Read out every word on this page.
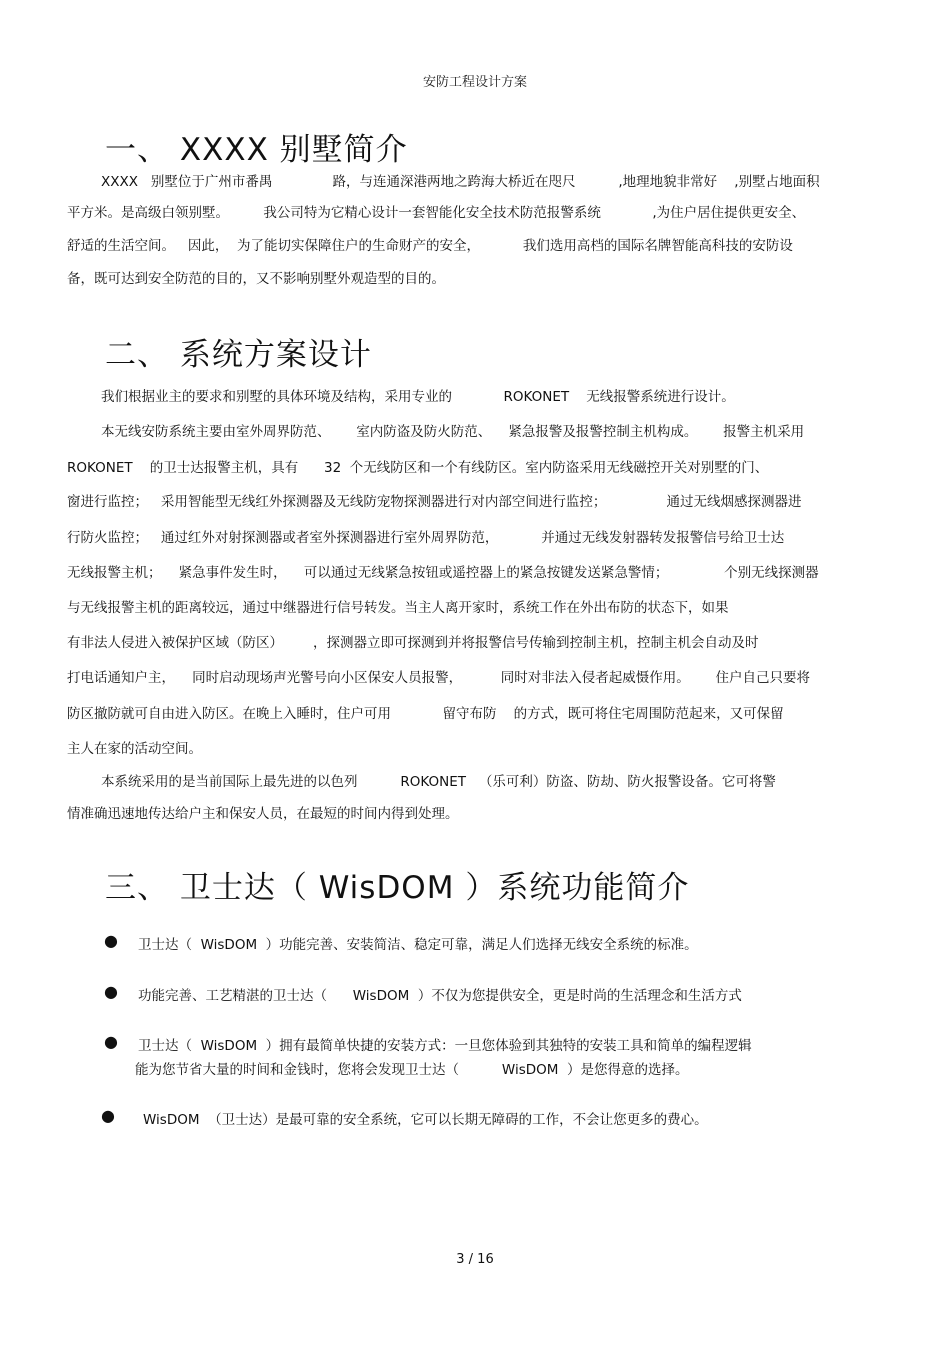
安防工程设计方案
一、 XXXX 别墅简介
XXXX   别墅位于广州市番禺              路，与连通深港两地之跨海大桥近在咫尺          ,地理地貌非常好    ,别墅占地面积
平方米。是高级白领别墅。        我公司特为它精心设计一套智能化安全技术防范报警系统            ,为住户居住提供更安全、
舒适的生活空间。   因此，  为了能切实保障住户的生命财产的安全，          我们选用高档的国际名牌智能高科技的安防设
备，既可达到安全防范的目的，又不影响别墅外观造型的目的。
二、 系统方案设计
我们根据业主的要求和别墅的具体环境及结构，采用专业的            ROKONET    无线报警系统进行设计。
本无线安防系统主要由室外周界防范、      室内防盗及防火防范、    紧急报警及报警控制主机构成。      报警主机采用
ROKONET    的卫士达报警主机，具有      32  个无线防区和一个有线防区。室内防盗采用无线磁控开关对别墅的门、
窗进行监控；   采用智能型无线红外探测器及无线防宠物探测器进行对内部空间进行监控；              通过无线烟感探测器进
行防火监控；   通过红外对射探测器或者室外探测器进行室外周界防范，          并通过无线发射器转发报警信号给卫士达
无线报警主机；    紧急事件发生时，    可以通过无线紧急按钮或遥控器上的紧急按键发送紧急警情；             个别无线探测器
与无线报警主机的距离较远，通过中继器进行信号转发。当主人离开家时，系统工作在外出布防的状态下，如果
有非法人侵进入被保护区域（防区）       ，探测器立即可探测到并将报警信号传输到控制主机，控制主机会自动及时
打电话通知户主，    同时启动现场声光警号向小区保安人员报警，         同时对非法入侵者起威慑作用。      住户自己只要将
防区撤防就可自由进入防区。在晚上入睡时，住户可用            留守布防    的方式，既可将住宅周围防范起来，又可保留
主人在家的活动空间。
本系统采用的是当前国际上最先进的以色列          ROKONET   （乐可利）防盗、防劫、防火报警设备。它可将警
情准确迅速地传达给户主和保安人员，在最短的时间内得到处理。
三、 卫士达（ WisDOM ）系统功能简介
● 卫士达（  WisDOM  ）功能完善、安装简洁、稳定可靠，满足人们选择无线安全系统的标准。
● 功能完善、工艺精湛的卫士达（      WisDOM  ）不仅为您提供安全，更是时尚的生活理念和生活方式
● 卫士达（  WisDOM  ）拥有最简单快捷的安装方式：一旦您体验到其独特的安装工具和简单的编程逻辑
能为您节省大量的时间和金钱时，您将会发现卫士达（          WisDOM  ）是您得意的选择。
● WisDOM  （卫士达）是最可靠的安全系统，它可以长期无障碍的工作，不会让您更多的费心。
3 / 16
